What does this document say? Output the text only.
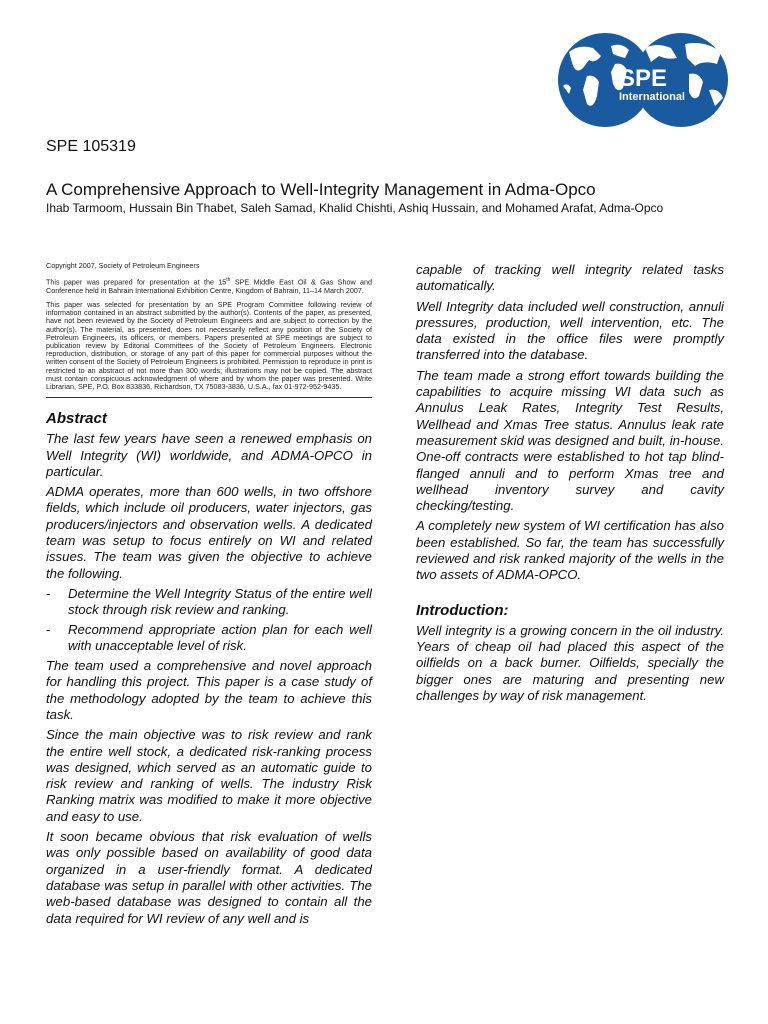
SPE
International
SPE 105319
A Comprehensive Approach to Well-Integrity Management in Adma-Opco
Ihab Tarmoom, Hussain Bin Thabet, Saleh Samad, Khalid Chishti, Ashiq Hussain, and Mohamed Arafat, Adma-Opco

Copyright 2007, Society of Petroleum Engineers

This paper was prepared for presentation at the 15th SPE Middle East Oil & Gas Show and Conference held in Bahrain International Exhibition Centre, Kingdom of Bahrain, 11–14 March 2007.

This paper was selected for presentation by an SPE Program Committee following review of information contained in an abstract submitted by the author(s). Contents of the paper, as presented, have not been reviewed by the Society of Petroleum Engineers and are subject to correction by the author(s). The material, as presented, does not necessarily reflect any position of the Society of Petroleum Engineers, its officers, or members. Papers presented at SPE meetings are subject to publication review by Editorial Committees of the Society of Petroleum Engineers. Electronic reproduction, distribution, or storage of any part of this paper for commercial purposes without the written consent of the Society of Petroleum Engineers is prohibited. Permission to reproduce in print is restricted to an abstract of not more than 300 words; illustrations may not be copied. The abstract must contain conspicuous acknowledgment of where and by whom the paper was presented. Write Librarian, SPE, P.O. Box 833836, Richardson, TX 75083-3836, U.S.A., fax 01-972-952-9435.

Abstract

The last few years have seen a renewed emphasis on Well Integrity (WI) worldwide, and ADMA-OPCO in particular.

ADMA operates, more than 600 wells, in two offshore fields, which include oil producers, water injectors, gas producers/injectors and observation wells. A dedicated team was setup to focus entirely on WI and related issues. The team was given the objective to achieve the following.

- Determine the Well Integrity Status of the entire well stock through risk review and ranking.
- Recommend appropriate action plan for each well with unacceptable level of risk.

The team used a comprehensive and novel approach for handling this project. This paper is a case study of the methodology adopted by the team to achieve this task.

Since the main objective was to risk review and rank the entire well stock, a dedicated risk-ranking process was designed, which served as an automatic guide to risk review and ranking of wells. The industry Risk Ranking matrix was modified to make it more objective and easy to use.

It soon became obvious that risk evaluation of wells was only possible based on availability of good data organized in a user-friendly format. A dedicated database was setup in parallel with other activities. The web-based database was designed to contain all the data required for WI review of any well and is

capable of tracking well integrity related tasks automatically.

Well Integrity data included well construction, annuli pressures, production, well intervention, etc. The data existed in the office files were promptly transferred into the database.

The team made a strong effort towards building the capabilities to acquire missing WI data such as Annulus Leak Rates, Integrity Test Results, Wellhead and Xmas Tree status. Annulus leak rate measurement skid was designed and built, in-house. One-off contracts were established to hot tap blind-flanged annuli and to perform Xmas tree and wellhead inventory survey and cavity checking/testing.

A completely new system of WI certification has also been established. So far, the team has successfully reviewed and risk ranked majority of the wells in the two assets of ADMA-OPCO.

Introduction:

Well integrity is a growing concern in the oil industry. Years of cheap oil had placed this aspect of the oilfields on a back burner. Oilfields, specially the bigger ones are maturing and presenting new challenges by way of risk management.
